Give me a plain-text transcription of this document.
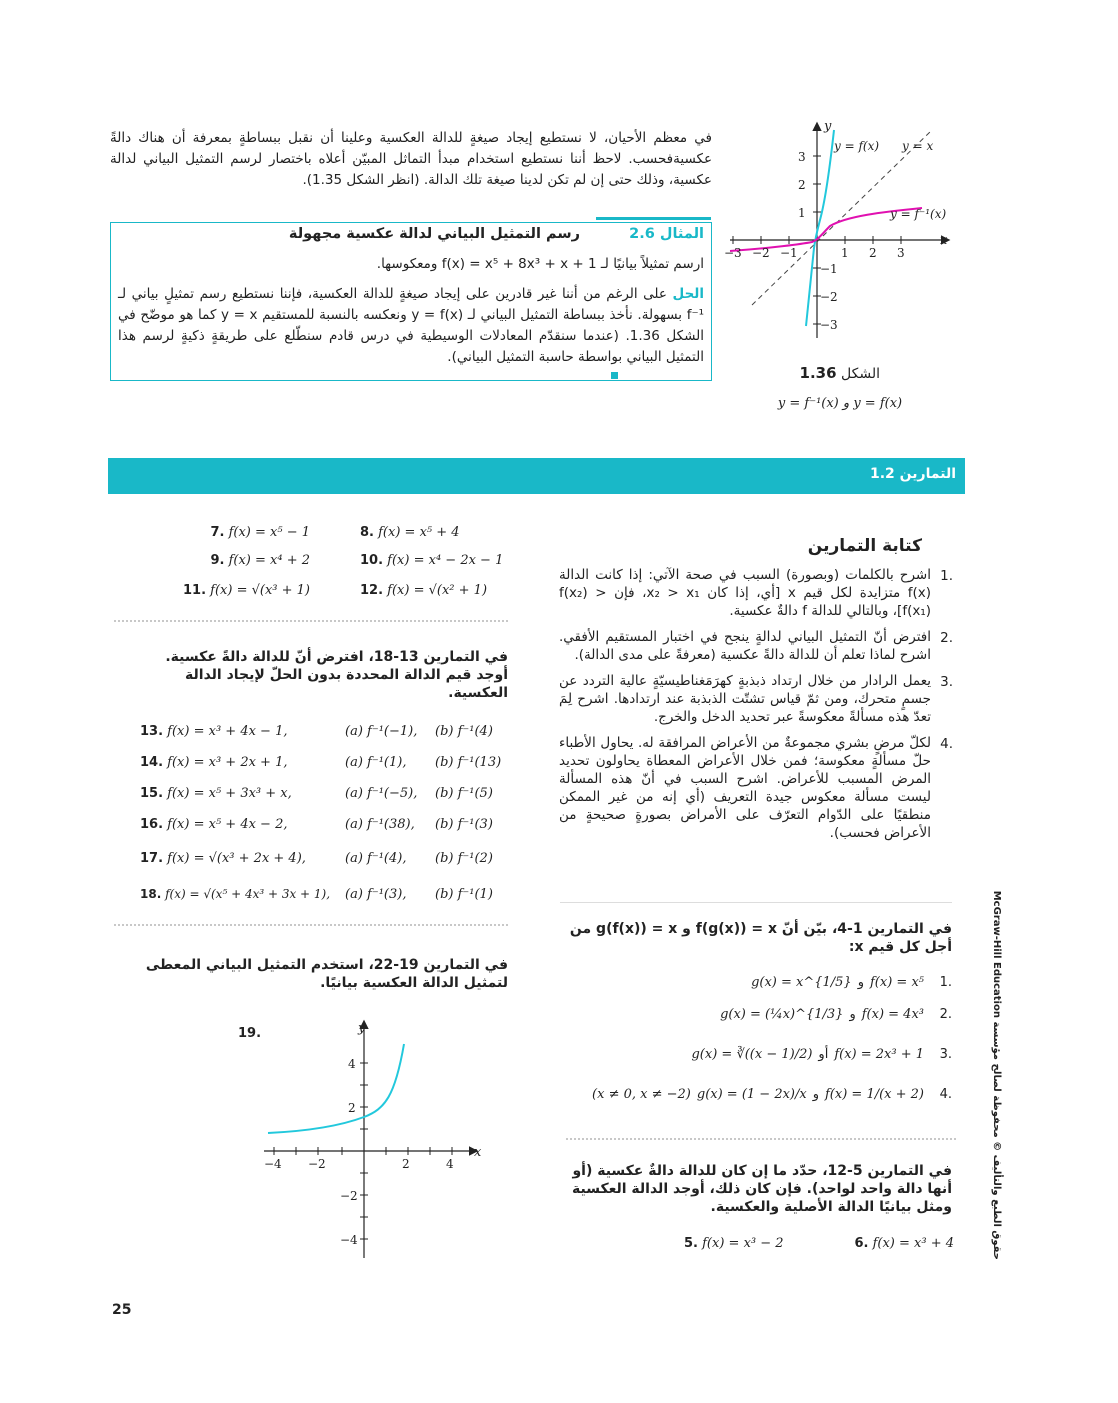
x
y
y = f(x) y = x
y = f⁻¹(x)
−3 −2 −1	1 2 3
3
2
1
−1
−2
−3
الشكل 1.36
y = f(x) و y = f⁻¹(x)
في معظم الأحيان، لا نستطيع إيجاد صيغةٍ للدالة العكسية وعلينا أن نقبل ببساطةٍ بمعرفة أن هناك دالةً عكسيةفحسب. لاحظ أننا نستطيع استخدام مبدأ التماثل المبيّن أعلاه باختصار لرسم التمثيل البياني لدالة عكسية، وذلك حتى إن لم تكن لدينا صيغة تلك الدالة. (انظر الشكل 1.35).
المثال 2.6  رسم التمثيل البياني لدالة عكسية مجهولة
ارسم تمثيلاً بيانيًا لـ f(x) = x⁵ + 8x³ + x + 1 ومعكوسها.
الحل على الرغم من أننا غير قادرين على إيجاد صيغةٍ للدالة العكسية، فإننا نستطيع رسم تمثيلٍ بياني لـ f⁻¹ بسهولة. نأخذ ببساطة التمثيل البياني لـ y = f(x) ونعكسه بالنسبة للمستقيم y = x كما هو موضّح في الشكل 1.36. (عندما سنقدّم المعادلات الوسيطية في درس قادم سنطّلع على طريقةٍ ذكيةٍ لرسم هذا التمثيل البياني بواسطة حاسبة التمثيل البياني).
التمارين 1.2
كتابة التمارين
1.
اشرح بالكلمات (وبصورة) السبب في صحة الآتي: إذا كانت الدالة f(x) متزايدة لكل قيم x [أي، إذا كان x₂ > x₁، فإن f(x₂) > f(x₁)]، وبالتالي للدالة f دالةٌ عكسية.
2.
افترض أنّ التمثيل البياني لدالةٍ ينجح في اختبار المستقيم الأفقي. اشرح لماذا تعلم أن للدالة دالةً عكسية (معرفةً على مدى الدالة).
3.
يعمل الرادار من خلال ارتداد ذبذبةٍ كهرَمَغناطيسيّةٍ عالية التردد عن جسمٍ متحرك، ومن ثمّ قياس تشتّت الذبذبة عند ارتدادها. اشرح لِمَ تعدّ هذه مسألةً معكوسةً عبر تحديد الدخل والخرج.
4.
لكلّ مرضٍ بشري مجموعةٌ من الأعراض المرافقة له. يحاول الأطباء حلّ مسألةٍ معكوسة؛ فمن خلال الأعراض المعطاة يحاولون تحديد المرض المسبب للأعراض. اشرح السبب في أنّ هذه المسألة ليست مسألة معكوس جيدة التعريف (أي إنه من غير الممكن منطقيًا على الدّوام التعرّف على الأمراض بصورةٍ صحيحةٍ من الأعراض فحسب).
في التمارين 1-4، بيّن أنّ f(g(x)) = x و g(f(x)) = x من أجل كل قيم x:
1.
f(x) = x⁵
و
g(x) = x^{1/5}
2.
f(x) = 4x³
و
g(x) = (¼x)^{1/3}
3.
f(x) = 2x³ + 1
أو
g(x) = ∛((x − 1)/2)
4.
f(x) = 1/(x + 2)
و
g(x) = (1 − 2x)/x
(x ≠ 0, x ≠ −2)
في التمارين 5-12، حدّد ما إن كان للدالة دالةٌ عكسية (أو أنها دالة واحد لواحد). فإن كان ذلك، أوجد الدالة العكسية ومثل بيانيًا الدالة الأصلية والعكسية.
5. f(x) = x³ − 2	6. f(x) = x³ + 4
7. f(x) = x⁵ − 1	8. f(x) = x⁵ + 4
9. f(x) = x⁴ + 2	10. f(x) = x⁴ − 2x − 1
11. f(x) = √(x³ + 1)	12. f(x) = √(x² + 1)
في التمارين 13-18، افترض أنّ للدالة دالةً عكسية. أوجد قيم الدالة المحددة بدون الحلّ لإيجاد الدالة العكسية.
13. f(x) = x³ + 4x − 1,	(a) f⁻¹(−1),	(b) f⁻¹(4)
14. f(x) = x³ + 2x + 1,	(a) f⁻¹(1),	(b) f⁻¹(13)
15. f(x) = x⁵ + 3x³ + x,	(a) f⁻¹(−5),	(b) f⁻¹(5)
16. f(x) = x⁵ + 4x − 2,	(a) f⁻¹(38),	(b) f⁻¹(3)
17. f(x) = √(x³ + 2x + 4),	(a) f⁻¹(4),	(b) f⁻¹(2)
18. f(x) = √(x⁵ + 4x³ + 3x + 1),	(a) f⁻¹(3),	(b) f⁻¹(1)
في التمارين 19-22، استخدم التمثيل البياني المعطى لتمثيل الدالة العكسية بيانيًا.
19.
x
y
−4 −2	2	4
4
2
−2
−4
حقوق الطبع والتأليف © محفوظة لصالح مؤسسة McGraw-Hill Education
25
